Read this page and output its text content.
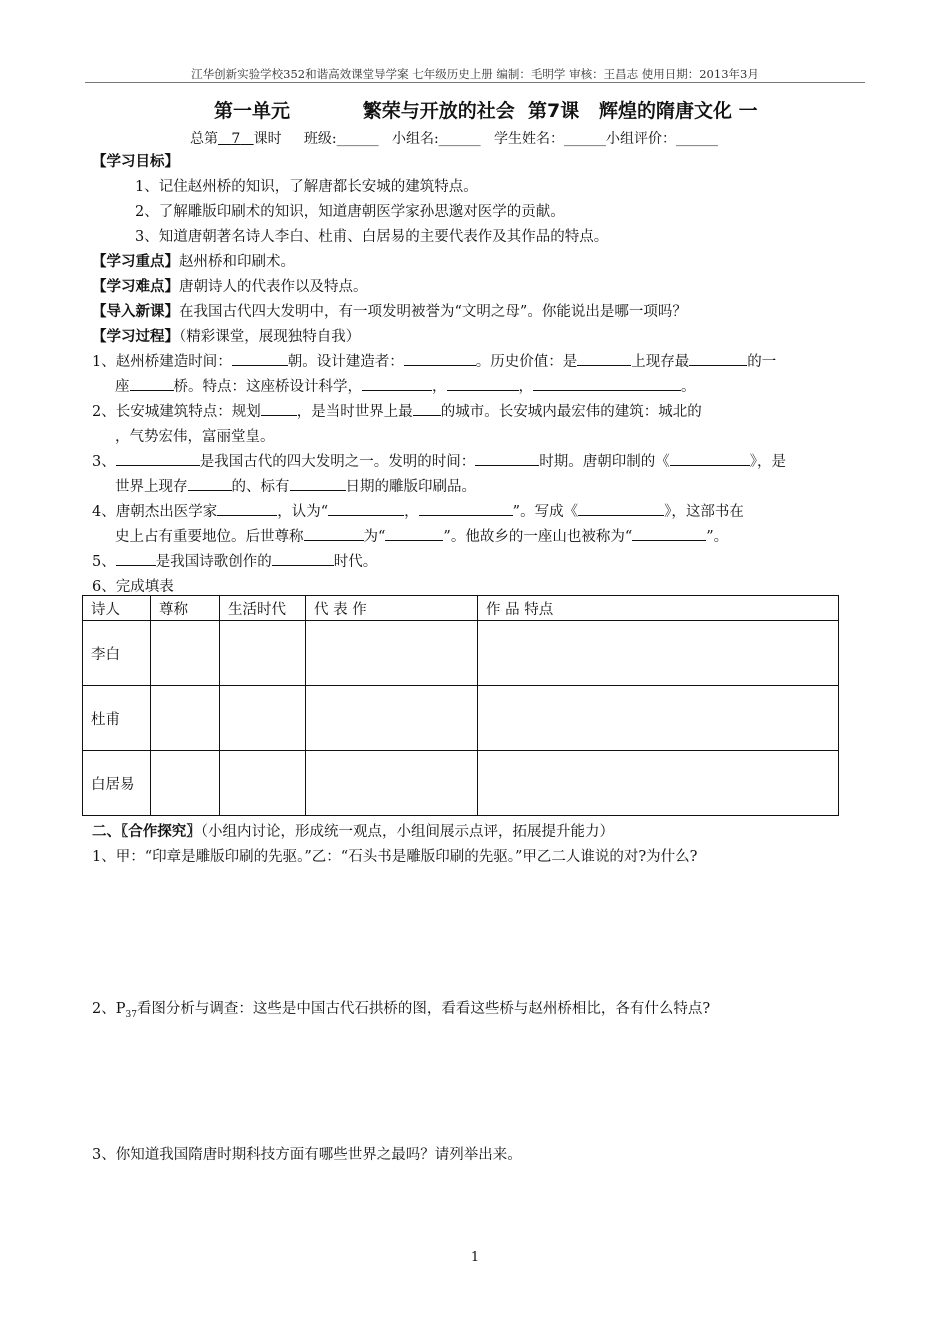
江华创新实验学校352和谐高效课堂导学案 七年级历史上册 编制：毛明学 审核：王昌志 使用日期：2013年3月
第一单元           繁荣与开放的社会  第7课   辉煌的隋唐文化 一
总第 7 课时     班级:______   小组名:______   学生姓名：______小组评价：______
【学习目标】
1、记住赵州桥的知识，了解唐都长安城的建筑特点。
2、了解雕版印刷术的知识，知道唐朝医学家孙思邈对医学的贡献。
3、知道唐朝著名诗人李白、杜甫、白居易的主要代表作及其作品的特点。
【学习重点】赵州桥和印刷术。
【学习难点】唐朝诗人的代表作以及特点。
【导入新课】在我国古代四大发明中，有一项发明被誉为“文明之母”。你能说出是哪一项吗？
【学习过程】（精彩课堂，展现独特自我）
1、赵州桥建造时间：	朝。设计建造者：	。历史价值：是	上现存最	的一
座	桥。特点：这座桥设计科学，	，	，	。
2、长安城建筑特点：规划 ，是当时世界上最 的城市。长安城内最宏伟的建筑：城北的
，气势宏伟，富丽堂皇。
3、	是我国古代的四大发明之一。发明的时间：	时期。唐朝印制的《	》，是
世界上现存	的、标有	日期的雕版印刷品。
4、唐朝杰出医学家	，认为“	，	”。写成《	》，这部书在
史上占有重要地位。后世尊称	为“	”。他故乡的一座山也被称为“	”。
5、	是我国诗歌创作的	时代。
6、完成填表
诗人	尊称	生活时代	代 表 作	作 品 特点
李白				
杜甫				
白居易				
二、〖合作探究〗（小组内讨论，形成统一观点，小组间展示点评，拓展提升能力）
1、甲：“印章是雕版印刷的先驱。”乙：“石头书是雕版印刷的先驱。”甲乙二人谁说的对?为什么?
2、$P_{37}$看图分析与调查：这些是中国古代石拱桥的图，看看这些桥与赵州桥相比，各有什么特点?
3、你知道我国隋唐时期科技方面有哪些世界之最吗？请列举出来。
1
